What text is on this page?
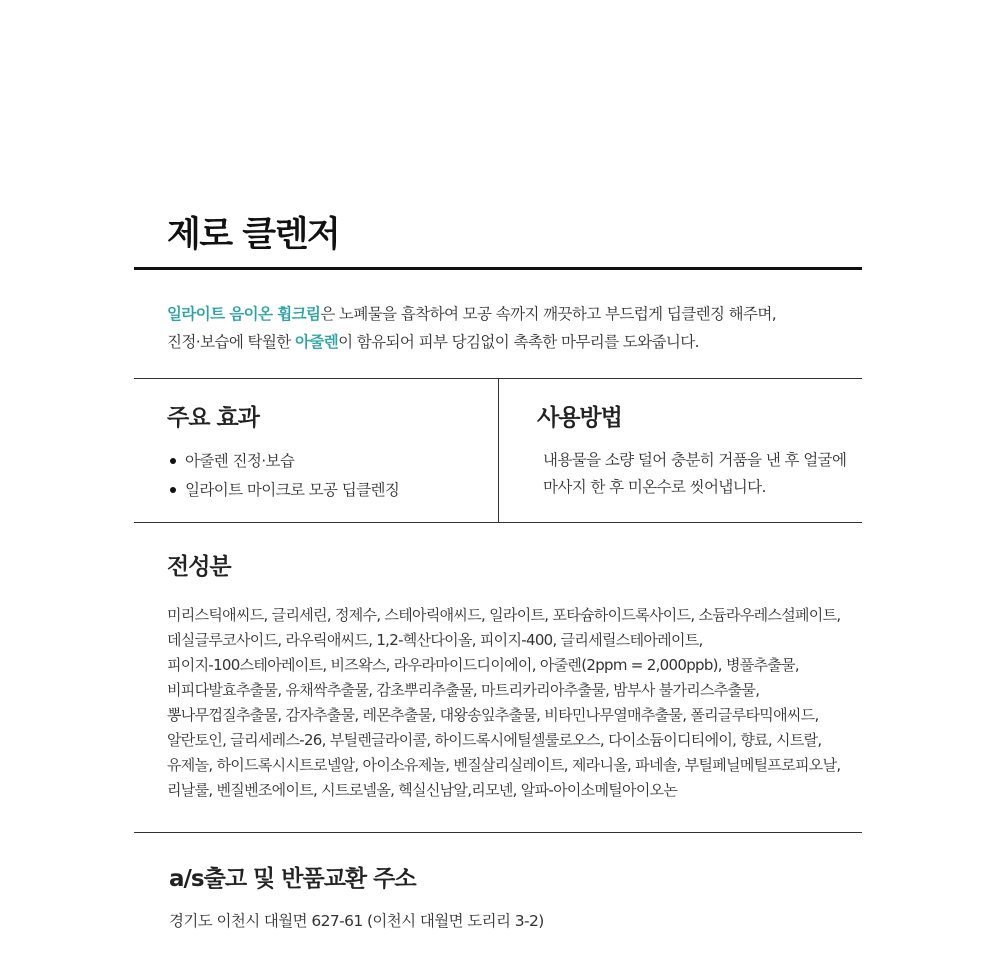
제로 클렌저
일라이트 음이온 휩크림은 노폐물을 흡착하여 모공 속까지 깨끗하고 부드럽게 딥클렌징 해주며,
진정·보습에 탁월한 아줄렌이 함유되어 피부 당김없이 촉촉한 마무리를 도와줍니다.
주요 효과
아줄렌 진정·보습
일라이트 마이크로 모공 딥클렌징
사용방법
내용물을 소량 덜어 충분히 거품을 낸 후 얼굴에
마사지 한 후 미온수로 씻어냅니다.
전성분
미리스틱애씨드, 글리세린, 정제수, 스테아릭애씨드, 일라이트, 포타슘하이드록사이드, 소듐라우레스설페이트, 데실글루코사이드, 라우릭애씨드, 1,2-헥산다이올, 피이지-400, 글리세릴스테아레이트, 피이지-100스테아레이트, 비즈왁스, 라우라마이드디이에이, 아줄렌(2ppm = 2,000ppb), 병풀추출물, 비피다발효추출물, 유채싹추출물, 감초뿌리추출물, 마트리카리아추출물, 밤부사 불가리스추출물, 뽕나무껍질추출물, 감자추출물, 레몬추출물, 대왕송잎추출물, 비타민나무열매추출물, 폴리글루타믹애씨드, 알란토인, 글리세레스-26, 부틸렌글라이콜, 하이드록시에틸셀룰로오스, 다이소듐이디티에이, 향료, 시트랄, 유제놀, 하이드록시시트로넬알, 아이소유제놀, 벤질살리실레이트, 제라니올, 파네솔, 부틸페닐메틸프로피오날, 리날룰, 벤질벤조에이트, 시트로넬올, 헥실신남알,리모넨, 알파-아이소메틸아이오논
a/s출고 및 반품교환 주소
경기도 이천시 대월면 627-61 (이천시 대월면 도리리 3-2)
